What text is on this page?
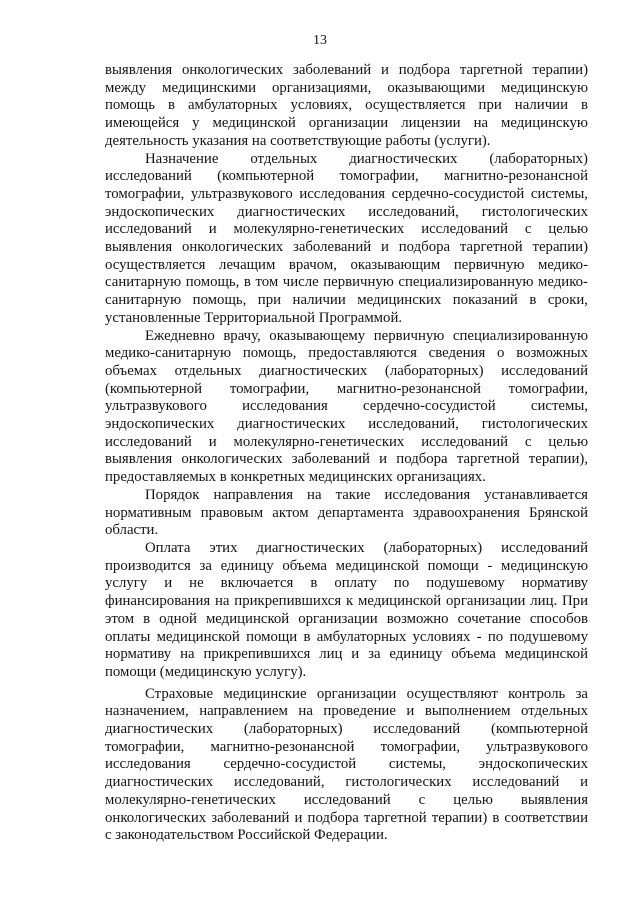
13

выявления онкологических заболеваний и подбора таргетной терапии) между медицинскими организациями, оказывающими медицинскую помощь в амбулаторных условиях, осуществляется при наличии в имеющейся у медицинской организации лицензии на медицинскую деятельность указания на соответствующие работы (услуги).

Назначение отдельных диагностических (лабораторных) исследований (компьютерной томографии, магнитно-резонансной томографии, ультразвукового исследования сердечно-сосудистой системы, эндоскопических диагностических исследований, гистологических исследований и молекулярно-генетических исследований с целью выявления онкологических заболеваний и подбора таргетной терапии) осуществляется лечащим врачом, оказывающим первичную медико-санитарную помощь, в том числе первичную специализированную медико-санитарную помощь, при наличии медицинских показаний в сроки, установленные Территориальной Программой.

Ежедневно врачу, оказывающему первичную специализированную медико-санитарную помощь, предоставляются сведения о возможных объемах отдельных диагностических (лабораторных) исследований (компьютерной томографии, магнитно-резонансной томографии, ультразвукового исследования сердечно-сосудистой системы, эндоскопических диагностических исследований, гистологических исследований и молекулярно-генетических исследований с целью выявления онкологических заболеваний и подбора таргетной терапии), предоставляемых в конкретных медицинских организациях.

Порядок направления на такие исследования устанавливается нормативным правовым актом департамента здравоохранения Брянской области.

Оплата этих диагностических (лабораторных) исследований производится за единицу объема медицинской помощи - медицинскую услугу и не включается в оплату по подушевому нормативу финансирования на прикрепившихся к медицинской организации лиц. При этом в одной медицинской организации возможно сочетание способов оплаты медицинской помощи в амбулаторных условиях - по подушевому нормативу на прикрепившихся лиц и за единицу объема медицинской помощи (медицинскую услугу).

Страховые медицинские организации осуществляют контроль за назначением, направлением на проведение и выполнением отдельных диагностических (лабораторных) исследований (компьютерной томографии, магнитно-резонансной томографии, ультразвукового исследования сердечно-сосудистой системы, эндоскопических диагностических исследований, гистологических исследований и молекулярно-генетических исследований с целью выявления онкологических заболеваний и подбора таргетной терапии) в соответствии с законодательством Российской Федерации.
